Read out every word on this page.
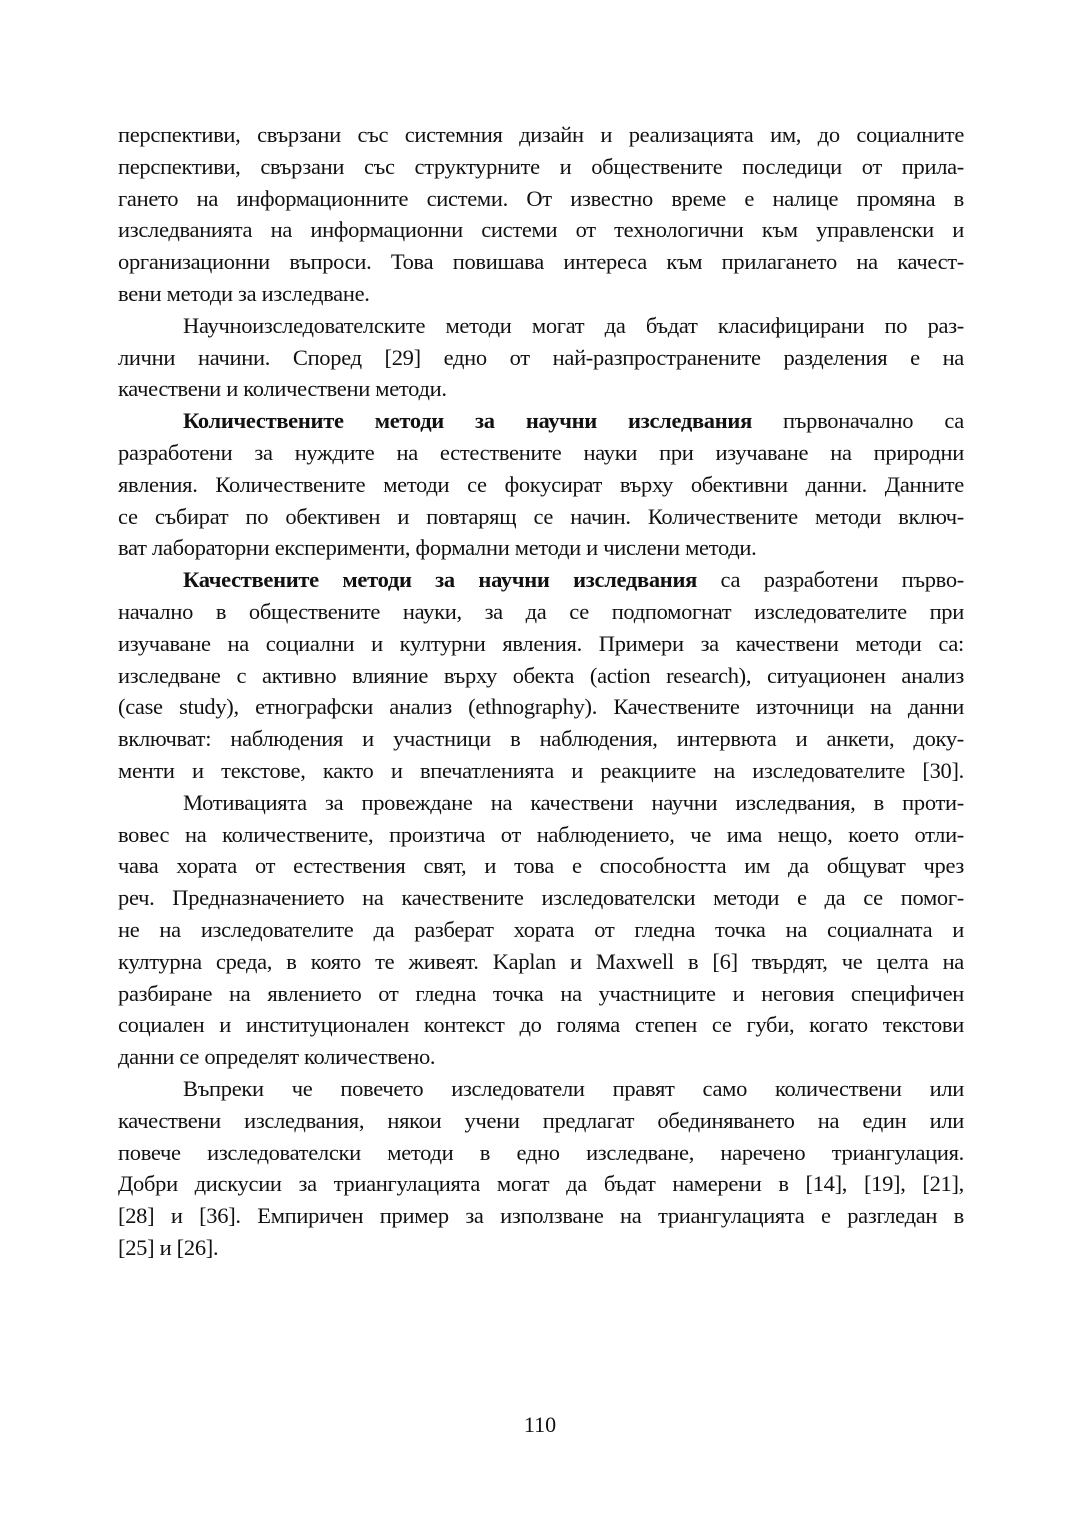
перспективи, свързани със системния дизайн и реализацията им, до социалните
перспективи, свързани със структурните и обществените последици от прила-
гането на информационните системи. От известно време е налице промяна в
изследванията на информационни системи от технологични към управленски и
организационни въпроси. Това повишава интереса към прилагането на качест-
вени методи за изследване.
Научноизследователските методи могат да бъдат класифицирани по раз-
лични начини. Според [29] едно от най-разпространените разделения е на
качествени и количествени методи.
Количествените методи за научни изследвания първоначално са
разработени за нуждите на естествените науки при изучаване на природни
явления. Количествените методи се фокусират върху обективни данни. Данните
се събират по обективен и повтарящ се начин. Количествените методи включ-
ват лабораторни експерименти, формални методи и числени методи.
Качествените методи за научни изследвания са разработени първо-
начално в обществените науки, за да се подпомогнат изследователите при
изучаване на социални и културни явления. Примери за качествени методи са:
изследване с активно влияние върху обекта (action research), ситуационен анализ
(case study), етнографски анализ (ethnography). Качествените източници на данни
включват: наблюдения и участници в наблюдения, интервюта и анкети, доку-
менти и текстове, както и впечатленията и реакциите на изследователите [30].
Мотивацията за провеждане на качествени научни изследвания, в проти-
вовес на количествените, произтича от наблюдението, че има нещо, което отли-
чава хората от естествения свят, и това е способността им да общуват чрез
реч. Предназначението на качествените изследователски методи е да се помог-
не на изследователите да разберат хората от гледна точка на социалната и
културна среда, в която те живеят. Kaplan и Maxwell в [6] твърдят, че целта на
разбиране на явлението от гледна точка на участниците и неговия специфичен
социален и институционален контекст до голяма степен се губи, когато текстови
данни се определят количествено.
Въпреки че повечето изследователи правят само количествени или
качествени изследвания, някои учени предлагат обединяването на един или
повече изследователски методи в едно изследване, наречено триангулация.
Добри дискусии за триангулацията могат да бъдат намерени в [14], [19], [21],
[28] и [36]. Емпиричен пример за използване на триангулацията е разгледан в
[25] и [26].
110
